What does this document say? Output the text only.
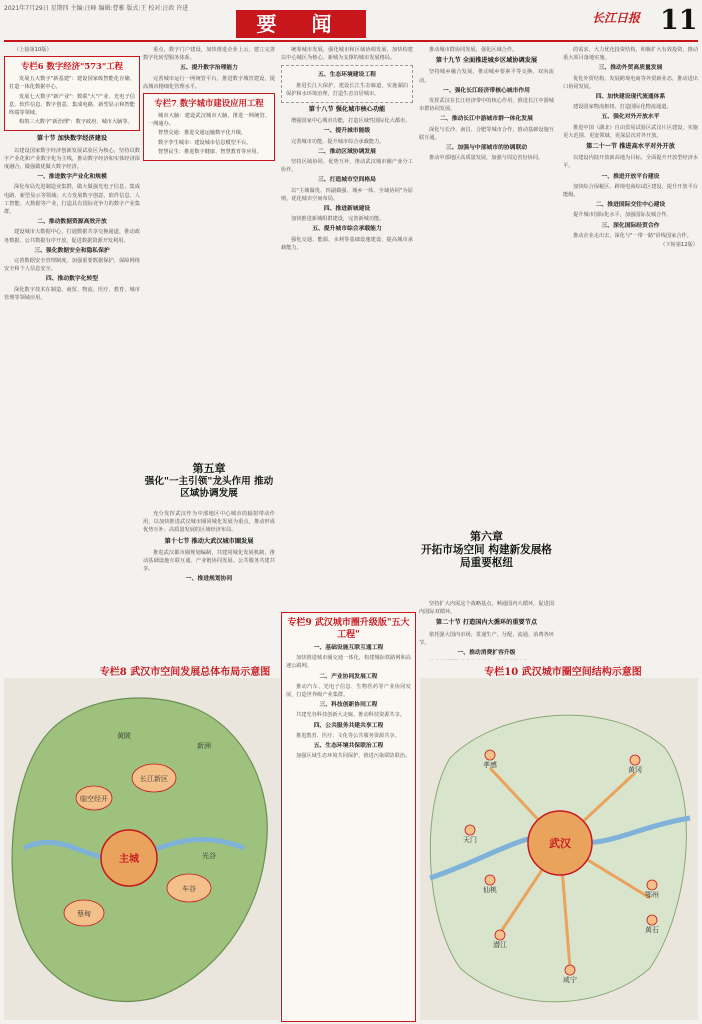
2021年7月29日 星期四 主编:汪峰 编辑:曹雅 版式:王 校对:汪政 许进
要 闻	长江日报 11
（上接第10版）
专栏6 数字经济"573"工程
发展五大数字"新基建"：建设国家级智能化存储、打造一体化数据中心。
发展七大数字"新产业"：数联"大"产业、光电子信息、软件信息、数字创意、集成电路、新型显示和智能终端等领域。
构筑三大数字"新治理"：数字政府、城市大脑等。
第十节 加快数字经济建设
以建设国家数字经济创新发展试验区为核心，坚持以数字产业化和产业数字化为主线，推动数字经济和实体经济深度融合，做强做优做大数字经济。
一、推进数字产业化和规模
深化布局先进制造业集群，做大做强光电子信息、集成电路、新型显示等领域；大力发展数字创意、软件信息、人工智能、大数据等产业，打造具有国际竞争力的数字产业集群。
二、推动数据资源高效开放
建设城市大数据中心，打通数据共享交换通道，推动政务数据、公共数据有序开放，促进数据资源开发利用。
三、强化数据安全和隐私保护
完善数据安全管理制度，加强重要数据保护，保障网络安全和个人信息安全。
四、推动数字化转型
深化数字技术在制造、商贸、物流、医疗、教育、城市管理等领域应用。
重点，数字门户建设，加快推进企业上云，建立完善数字化转型服务体系。
五、提升数字治理能力
完善城市运行一网统管平台，推进数字城管建设，提高城市精细化管理水平。
专栏7 数字城市建设应用工程
城市大脑：建设武汉城市大脑，推进一网统管、一网通办。
智慧交通：推进交通运输数字化升级。
数字孪生城市：建设城市信息模型平台。
智慧民生：推进数字健康、智慧教育等应用。
第五章
强化"一主引领"龙头作用 推动区域协调发展
充分发挥武汉作为中部地区中心城市的辐射带动作用，以加快推进武汉城市圈同城化发展为重点，推动形成优势互补、高质量发展的区域经济布局。
第十七节 推动大武汉城市圈发展
推进武汉都市圈规划编制，共建同城化发展机制，推动基础设施互联互通、产业链协同发展、公共服务共建共享。
一、推进规划协同
统筹城市发展，强化城市和区域协调发展，加快构建以中心城区为核心、新城为支撑的城市发展格局。
五、生态环境建设工程
推进长江大保护，建设长江生态廊道，实施湖泊保护和水环境治理，打造生态宜居城市。
第十八节 强化城市核心功能
增强国家中心城市功能，打造区域性国际化大都市。
一、提升城市能级
完善城市功能，提升城市综合承载能力。
二、推动区域协调发展
坚持区域协同、优势互补，推动武汉城市圈产业分工协作。
三、打造城市空间格局
以"主城做优、四副做强、城乡一体、全域协同"为原则，优化城市空间布局。
四、推进新城建设
加快推进新城组群建设，完善新城功能。
五、提升城市综合承载能力
强化交通、能源、水利等基础设施建设，提高城市承载能力。
专栏9 武汉城市圈升级版"五大工程"
一、基础设施互联互通工程
加快推进城市圈交通一体化，构建城际铁路网和高速公路网。
二、产业协同发展工程
推动汽车、光电子信息、生物医药等产业协同发展，打造世界级产业集群。
三、科技创新协同工程
共建光谷科技创新大走廊，推动科技资源共享。
四、公共服务共建共享工程
推进教育、医疗、文化等公共服务资源共享。
五、生态环境共保联治工程
加强区域生态环境共同保护，推进污染联防联治。
推动城市群协同发展，强化区域合作。
第十九节 全面推进城乡区域协调发展
坚持城乡融合发展，推动城乡要素平等交换、双向流动。
一、强化长江经济带核心城市作用
发挥武汉在长江经济带中的核心作用，推进长江中游城市群协同发展。
二、推动长江中游城市群一体化发展
深化与长沙、南昌、合肥等城市合作，推动基础设施互联互通。
三、加强与中部城市的协调联动
推动中部地区高质量发展，加强与周边省份协同。
第六章
开拓市场空间 构建新发展格局重要枢纽
坚持扩大内需这个战略基点，畅通国内大循环，促进国内国际双循环。
第二十节 打造国内大循环的重要节点
依托强大国内市场，贯通生产、分配、流通、消费各环节。
一、推动消费扩容升级
的需求，大力优化投资结构，积极扩大有效投资，推动重大项目落地实施。
三、推动外贸高质量发展
优化外贸结构，发展跨境电商等外贸新业态，推动进出口协同发展。
四、加快建设现代流通体系
建设国家物流枢纽，打造国际化物流通道。
五、强化对外开放水平
推进中国（湖北）自由贸易试验区武汉片区建设，实施更大范围、更宽领域、更深层次对外开放。
第二十一节 推进高水平对外开放
以建设内陆开放新高地为目标，全面提升开放型经济水平。
一、推进开放平台建设
加快综合保税区、跨境电商综试区建设，提升开放平台能级。
二、推进国际交往中心建设
提升城市国际化水平，加强国际友城合作。
三、深化国际经贸合作
推动企业走出去，深化与"一带一路"沿线国家合作。
（下转第12版）
专栏8 武汉市空间发展总体布局示意图
主城
长江新区
光谷
临空经开
车谷
蔡甸
新洲
黄陂
专栏10 武汉城市圈空间结构示意图
武汉
孝感
黄冈
鄂州
黄石
咸宁
仙桃
天门
潜江
